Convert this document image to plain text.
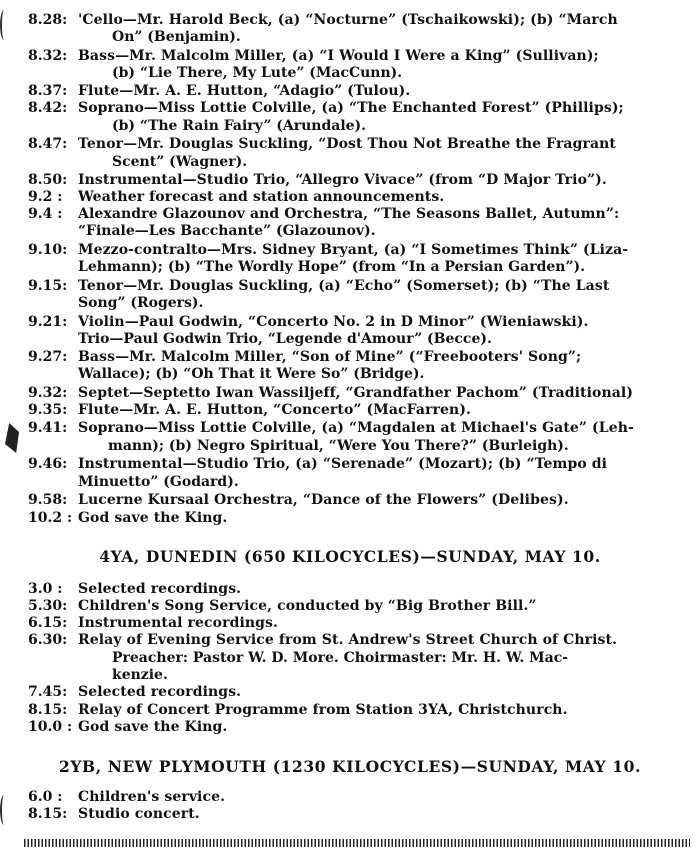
8.28: 'Cello—Mr. Harold Beck, (a) “Nocturne” (Tschaikowski); (b) “March
On” (Benjamin).
8.32: Bass—Mr. Malcolm Miller, (a) “I Would I Were a King” (Sullivan);
(b) “Lie There, My Lute” (MacCunn).
8.37: Flute—Mr. A. E. Hutton, “Adagio” (Tulou).
8.42: Soprano—Miss Lottie Colville, (a) “The Enchanted Forest” (Phillips);
(b) “The Rain Fairy” (Arundale).
8.47: Tenor—Mr. Douglas Suckling, “Dost Thou Not Breathe the Fragrant
Scent” (Wagner).
8.50: Instrumental—Studio Trio, “Allegro Vivace” (from “D Major Trio”).
9.2 : Weather forecast and station announcements.
9.4 : Alexandre Glazounov and Orchestra, “The Seasons Ballet, Autumn”:
“Finale—Les Bacchante” (Glazounov).
9.10: Mezzo-contralto—Mrs. Sidney Bryant, (a) “I Sometimes Think” (Liza-
Lehmann); (b) “The Wordly Hope” (from “In a Persian Garden”).
9.15: Tenor—Mr. Douglas Suckling, (a) “Echo” (Somerset); (b) “The Last
Song” (Rogers).
9.21: Violin—Paul Godwin, “Concerto No. 2 in D Minor” (Wieniawski).
Trio—Paul Godwin Trio, “Legende d'Amour” (Becce).
9.27: Bass—Mr. Malcolm Miller, “Son of Mine” (“Freebooters' Song”;
Wallace); (b) “Oh That it Were So” (Bridge).
9.32: Septet—Septetto Iwan Wassiljeff, “Grandfather Pachom” (Traditional)
9.35: Flute—Mr. A. E. Hutton, “Concerto” (MacFarren).
9.41: Soprano—Miss Lottie Colville, (a) “Magdalen at Michael's Gate” (Leh-
mann); (b) Negro Spiritual, “Were You There?” (Burleigh).
9.46: Instrumental—Studio Trio, (a) “Serenade” (Mozart); (b) “Tempo di
Minuetto” (Godard).
9.58: Lucerne Kursaal Orchestra, “Dance of the Flowers” (Delibes).
10.2 : God save the King.
4YA, DUNEDIN (650 KILOCYCLES)—SUNDAY, MAY 10.
3.0 : Selected recordings.
5.30: Children's Song Service, conducted by “Big Brother Bill.”
6.15: Instrumental recordings.
6.30: Relay of Evening Service from St. Andrew's Street Church of Christ.
Preacher: Pastor W. D. More. Choirmaster: Mr. H. W. Mac-
kenzie.
7.45: Selected recordings.
8.15: Relay of Concert Programme from Station 3YA, Christchurch.
10.0 : God save the King.
2YB, NEW PLYMOUTH (1230 KILOCYCLES)—SUNDAY, MAY 10.
6.0 : Children's service.
8.15: Studio concert.
